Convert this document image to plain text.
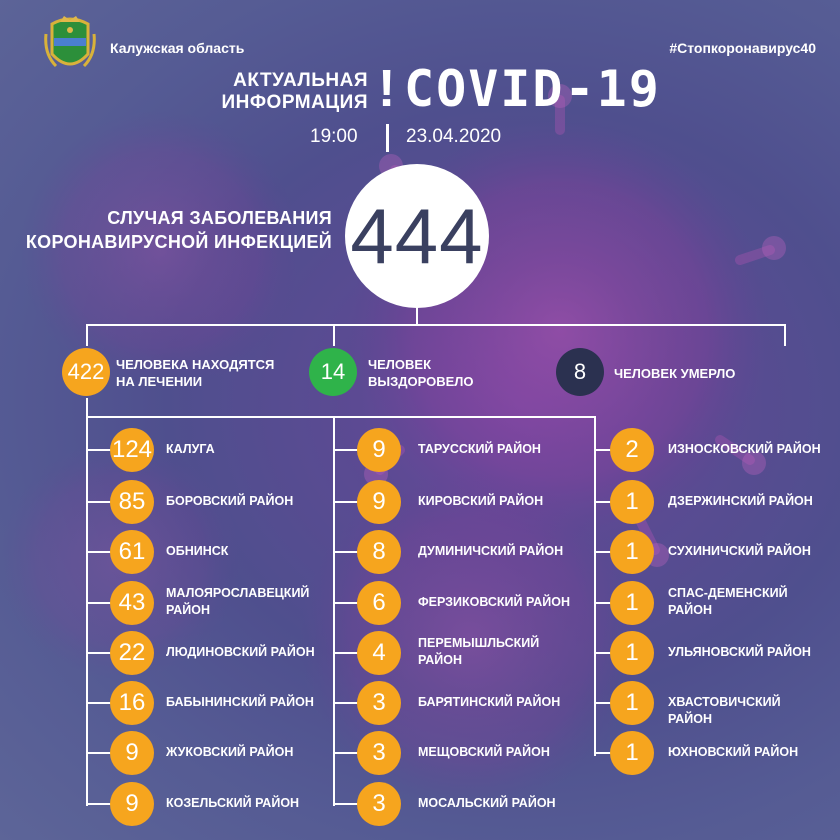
Калужская область	#Стопкоронавирус40
АКТУАЛЬНАЯ
ИНФОРМАЦИЯ ! COVID-19
19:00	23.04.2020
СЛУЧАЯ ЗАБОЛЕВАНИЯ
КОРОНАВИРУСНОЙ ИНФЕКЦИЕЙ 444
422 ЧЕЛОВЕКА НАХОДЯТСЯ
НА ЛЕЧЕНИИ	14 ЧЕЛОВЕК
ВЫЗДОРОВЕЛО	8 ЧЕЛОВЕК УМЕРЛО
124 КАЛУГА
85 БОРОВСКИЙ РАЙОН
61 ОБНИНСК
43 МАЛОЯРОСЛАВЕЦКИЙ
РАЙОН
22 ЛЮДИНОВСКИЙ РАЙОН
16 БАБЫНИНСКИЙ РАЙОН
9 ЖУКОВСКИЙ РАЙОН
9 КОЗЕЛЬСКИЙ РАЙОН
9	ТАРУССКИЙ РАЙОН
9	КИРОВСКИЙ РАЙОН
8	ДУМИНИЧСКИЙ РАЙОН
6	ФЕРЗИКОВСКИЙ РАЙОН
4	ПЕРЕМЫШЛЬСКИЙ
РАЙОН
3	БАРЯТИНСКИЙ РАЙОН
3	МЕЩОВСКИЙ РАЙОН
3	МОСАЛЬСКИЙ РАЙОН
2 ИЗНОСКОВСКИЙ РАЙОН
1 ДЗЕРЖИНСКИЙ РАЙОН
1 СУХИНИЧСКИЙ РАЙОН
1 СПАС-ДЕМЕНСКИЙ
РАЙОН
1 УЛЬЯНОВСКИЙ РАЙОН
1 ХВАСТОВИЧСКИЙ РАЙОН
1 ЮХНОВСКИЙ РАЙОН
